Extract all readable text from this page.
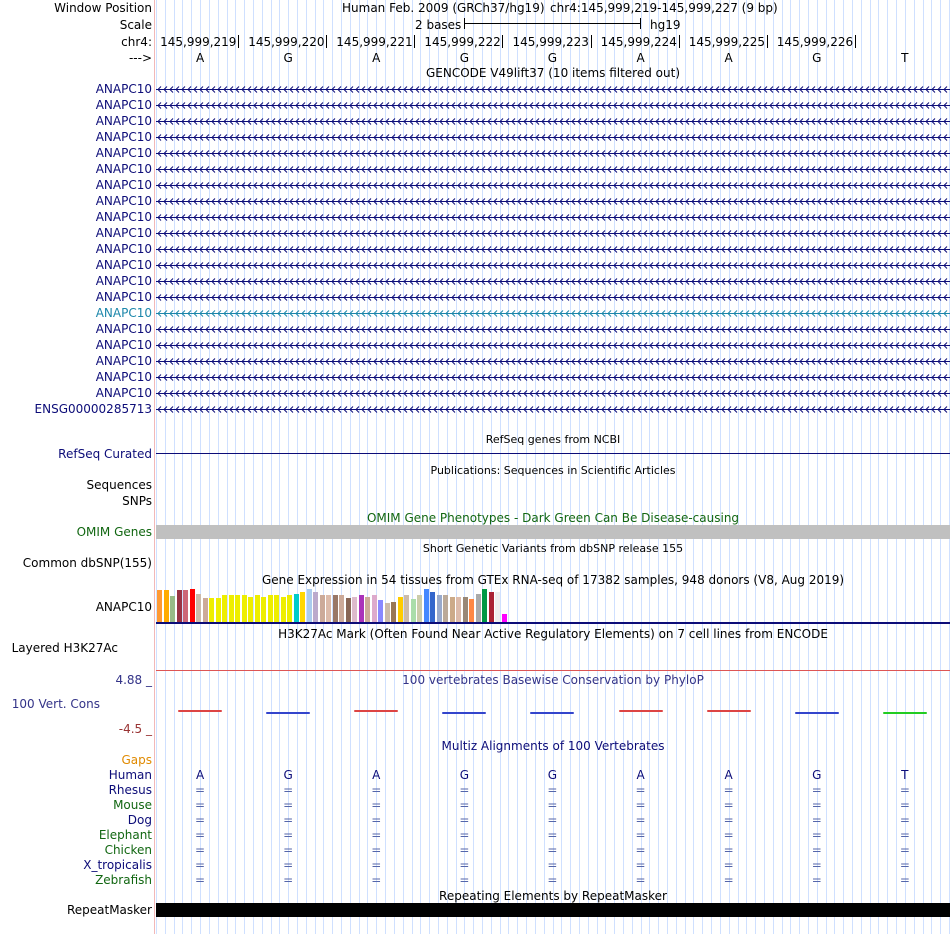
Window Position	Human Feb. 2009 (GRCh37/hg19) chr4:145,999,219-145,999,227 (9 bp)
Scale	2 bases	hg19
chr4:
--->
GENCODE V49lift37 (10 items filtered out)
RefSeq genes from NCBI
RefSeq Curated
Publications: Sequences in Scientific Articles
Sequences
SNPs
OMIM Gene Phenotypes - Dark Green Can Be Disease-causing
OMIM Genes
Short Genetic Variants from dbSNP release 155
Common dbSNP(155)
Gene Expression in 54 tissues from GTEx RNA-seq of 17382 samples, 948 donors (V8, Aug 2019)
ANAPC10
H3K27Ac Mark (Often Found Near Active Regulatory Elements) on 7 cell lines from ENCODE
Layered H3K27Ac
4.88 _	100 vertebrates Basewise Conservation by PhyloP
100 Vert. Cons
-4.5 _
Multiz Alignments of 100 Vertebrates
Gaps
Repeating Elements by RepeatMasker
RepeatMasker
145,999,219 145,999,220 145,999,221 145,999,222 145,999,223 145,999,224 145,999,225 145,999,226
A	G	A	G	G	A	A	G	T
ANAPC10
ANAPC10
ANAPC10
ANAPC10
ANAPC10
ANAPC10
ANAPC10
ANAPC10
ANAPC10
ANAPC10
ANAPC10
ANAPC10
ANAPC10
ANAPC10
ANAPC10
ANAPC10
ANAPC10
ANAPC10
ANAPC10
ANAPC10
ENSG00000285713
Human	A	G	A	G	G	A	A	G	T
Rhesus	=	=	=	=	=	=	=	=	=
Mouse	=	=	=	=	=	=	=	=	=
Dog	=	=	=	=	=	=	=	=	=
Elephant	=	=	=	=	=	=	=	=	=
Chicken	=	=	=	=	=	=	=	=	=
X_tropicalis	=	=	=	=	=	=	=	=	=
Zebrafish	=	=	=	=	=	=	=	=	=
